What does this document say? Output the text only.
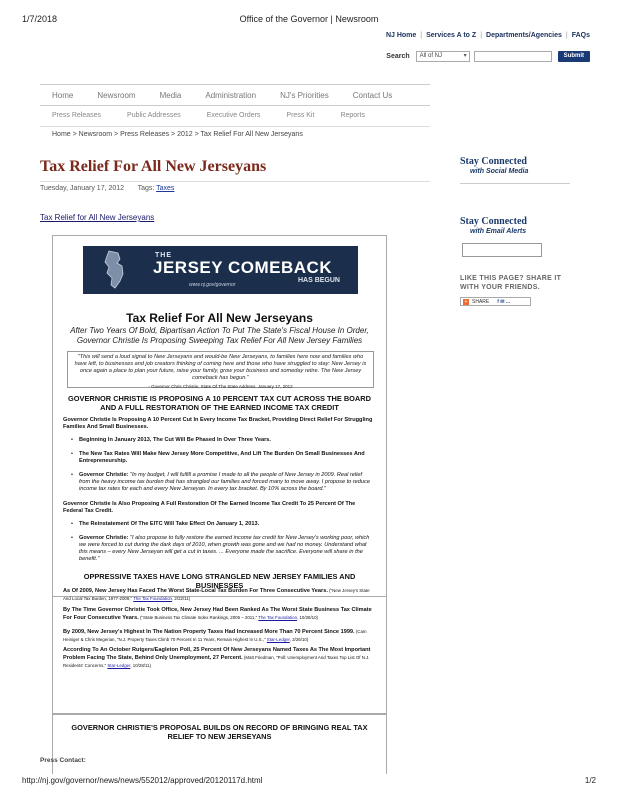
1/7/2018	Office of the Governor | Newsroom
NJ Home | Services A to Z | Departments/Agencies | FAQs
Search	All of NJ	▾	Submit
Home	Newsroom	Media	Administration	NJ's Priorities	Contact Us
Press Releases	Public Addresses	Executive Orders	Press Kit	Reports
Home > Newsroom > Press Releases > 2012 > Tax Relief For All New Jerseyans
Tax Relief For All New Jerseyans
Tuesday, January 17, 2012 Tags: Taxes
Tax Relief for All New Jerseyans
THE
JERSEY COMEBACK
HAS BEGUN
www.nj.gov/governor
Tax Relief For All New Jerseyans
After Two Years Of Bold, Bipartisan Action To Put The State's Fiscal House In Order, Governor Christie Is Proposing Sweeping Tax Relief For All New Jersey Families
"This will send a loud signal to New Jerseyans and would-be New Jerseyans, to families here now and families who have left, to businesses and job creators thinking of coming here and those who have struggled to stay: New Jersey is once again a place to plan your future, raise your family, grow your business and someday retire. The New Jersey comeback has begun."
- Governor Chris Christie, State Of The State Address, January 17, 2012
GOVERNOR CHRISTIE IS PROPOSING A 10 PERCENT TAX CUT ACROSS THE BOARD AND A FULL RESTORATION OF THE EARNED INCOME TAX CREDIT
Governor Christie Is Proposing A 10 Percent Cut In Every Income Tax Bracket, Providing Direct Relief For Struggling Families And Small Businesses.
• Beginning In January 2013, The Cut Will Be Phased In Over Three Years.
• The New Tax Rates Will Make New Jersey More Competitive, And Lift The Burden On Small Businesses And Entrepreneurship.
• Governor Christie: "In my budget, I will fulfill a promise I made to all the people of New Jersey in 2009. Real relief from the heavy income tax burden that has strangled our families and forced many to move away. I propose to reduce income tax rates for each and every New Jerseyan. In every tax bracket. By 10% across the board."
Governor Christie Is Also Proposing A Full Restoration Of The Earned Income Tax Credit To 25 Percent Of The Federal Tax Credit.
• The Reinstatement Of The EITC Will Take Effect On January 1, 2013.
• Governor Christie: "I also propose to fully restore the earned income tax credit for New Jersey's working poor, which we were forced to cut during the dark days of 2010, when growth was gone and we had no money. Understand what this means – every New Jerseyan will get a cut in taxes. ... Everyone made the sacrifice. Everyone will share in the benefit."
OPPRESSIVE TAXES HAVE LONG STRANGLED NEW JERSEY FAMILIES AND BUSINESSES
As Of 2009, New Jersey Has Faced The Worst State-Local Tax Burden For Three Consecutive Years. ("New Jersey's State And Local Tax Burden, 1977-2009," The Tax Foundation, 2/22/11)
By The Time Governor Christie Took Office, New Jersey Had Been Ranked As The Worst State Business Tax Climate For Four Consecutive Years. ("State Business Tax Climate Index Rankings, 2006 – 2011," The Tax Foundation, 10/28/10)
By 2009, New Jersey's Highest In The Nation Property Taxes Had Increased More Than 70 Percent Since 1999. (Cam Heiniger & Chris Megerian, "N.J. Property Taxes Climb 70 Percent In 11 Years, Remain Highest In U.S.," Star-Ledger, 2/26/10)
According To An October Rutgers/Eagleton Poll, 25 Percent Of New Jerseyans Named Taxes As The Most Important Problem Facing The State, Behind Only Unemployment, 27 Percent. (Matt Friedman, "Poll: Unemployment And Taxes Top List Of N.J. Residents' Concerns," Star-Ledger, 10/28/11)
GOVERNOR CHRISTIE'S PROPOSAL BUILDS ON RECORD OF BRINGING REAL TAX RELIEF TO NEW JERSEYANS
Press Contact:
Stay Connected
with Social Media
Stay Connected
with Email Alerts
LIKE THIS PAGE? SHARE IT WITH YOUR FRIENDS.
+ SHARE f ✉ ...
http://nj.gov/governor/news/news/552012/approved/20120117d.html	1/2
